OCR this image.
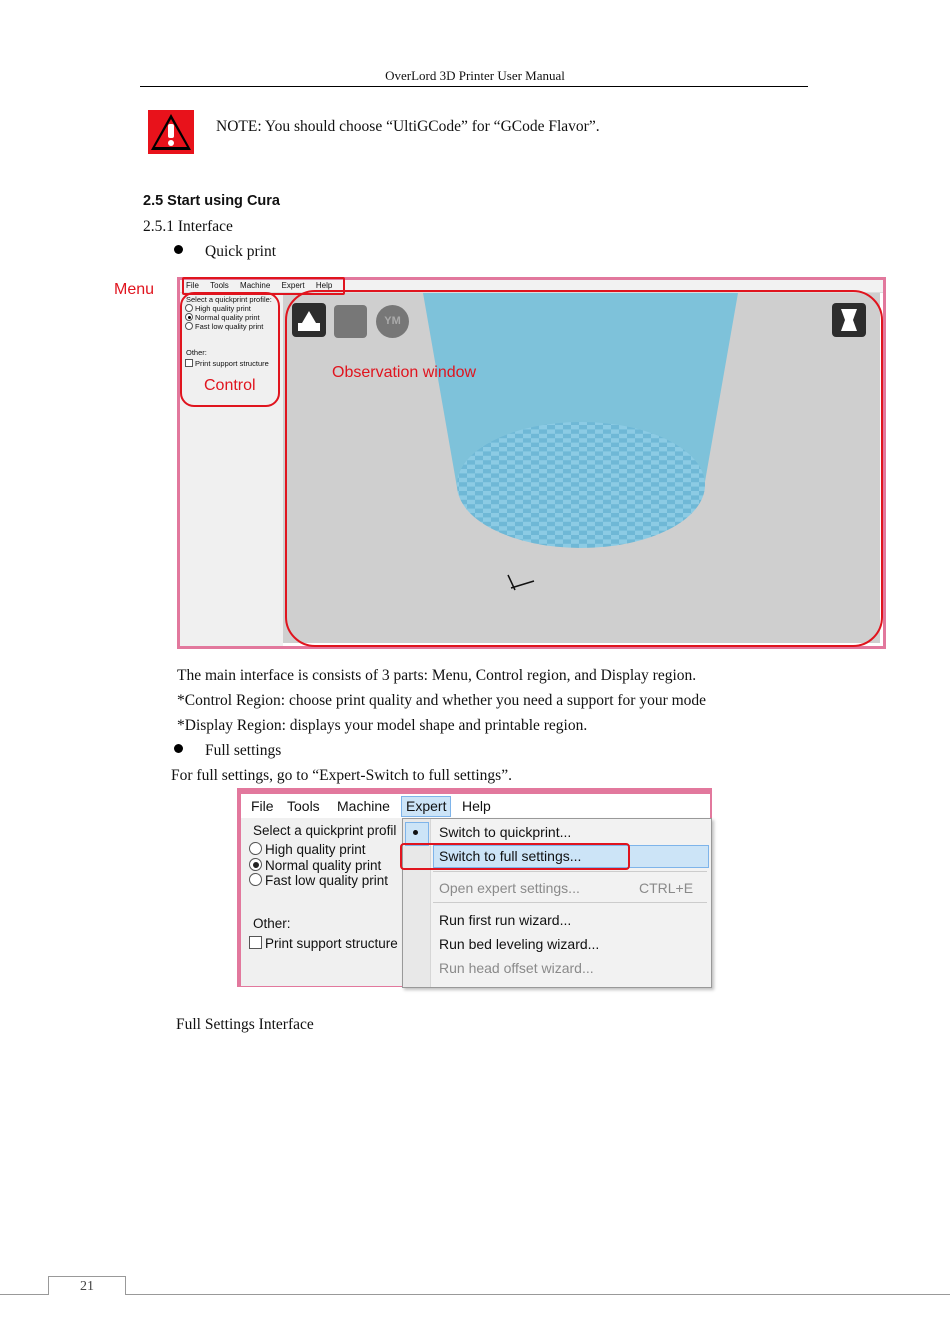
OverLord 3D Printer User Manual
NOTE: You should choose “UltiGCode” for “GCode Flavor”.
2.5 Start using Cura
2.5.1 Interface
Quick print
Menu	File Tools Machine Expert Help
Select a quickprint profile:
High quality print
Normal quality print
Fast low quality print
Other:
Print support structure
YM
Control
Observation window
The main interface is consists of 3 parts: Menu, Control region, and Display region.
*Control Region: choose print quality and whether you need a support for your mode
*Display Region: displays your model shape and printable region.
Full settings
For full settings, go to “Expert-Switch to full settings”.
File Tools Machine	Expert	Help
Select a quickprint profil
High quality print
Normal quality print
Fast low quality print
Other:
Print support structure
Switch to quickprint...
Switch to full settings...
Open expert settings...	CTRL+E
Run first run wizard...
Run bed leveling wizard...
Run head offset wizard...
Full Settings Interface
21
